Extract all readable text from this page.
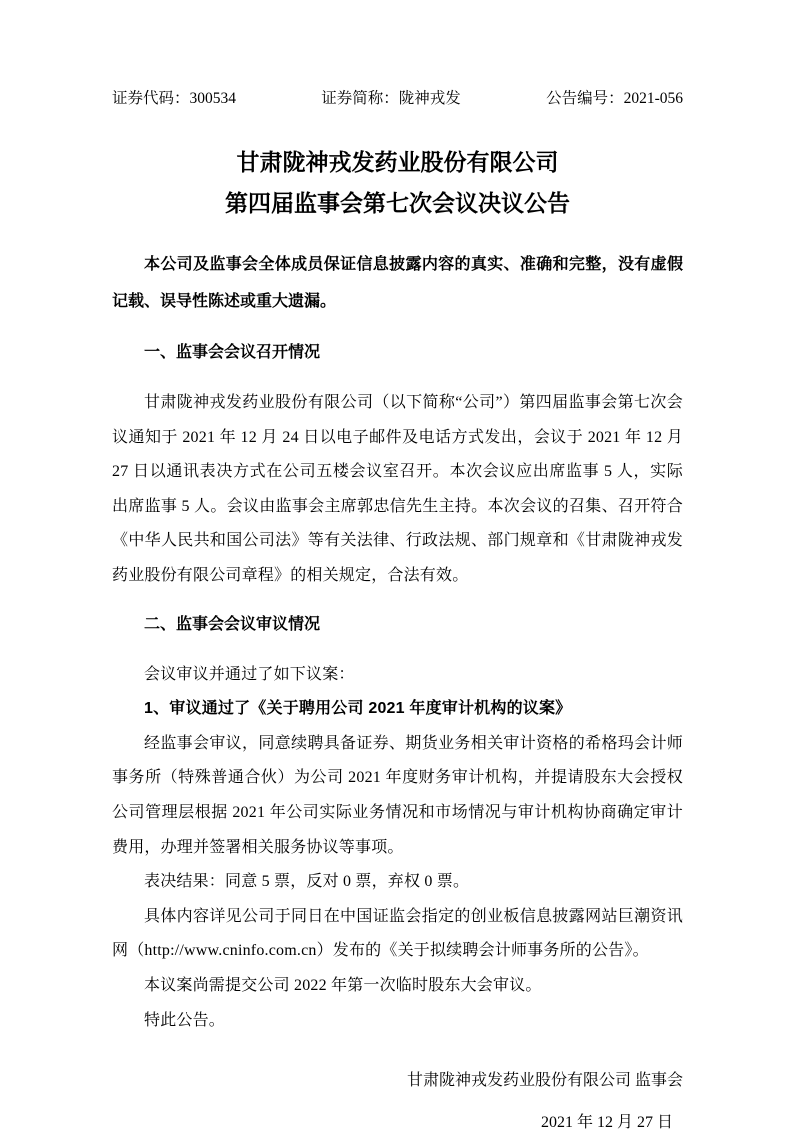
证券代码：300534	证券简称：陇神戎发	公告编号：2021-056
甘肃陇神戎发药业股份有限公司
第四届监事会第七次会议决议公告

本公司及监事会全体成员保证信息披露内容的真实、准确和完整，没有虚假记载、误导性陈述或重大遗漏。

一、监事会会议召开情况

甘肃陇神戎发药业股份有限公司（以下简称“公司”）第四届监事会第七次会议通知于 2021 年 12 月 24 日以电子邮件及电话方式发出，会议于 2021 年 12 月 27 日以通讯表决方式在公司五楼会议室召开。本次会议应出席监事 5 人，实际出席监事 5 人。会议由监事会主席郭忠信先生主持。本次会议的召集、召开符合《中华人民共和国公司法》等有关法律、行政法规、部门规章和《甘肃陇神戎发药业股份有限公司章程》的相关规定，合法有效。

二、监事会会议审议情况

会议审议并通过了如下议案：

1、审议通过了《关于聘用公司 2021 年度审计机构的议案》

经监事会审议，同意续聘具备证券、期货业务相关审计资格的希格玛会计师事务所（特殊普通合伙）为公司 2021 年度财务审计机构，并提请股东大会授权公司管理层根据 2021 年公司实际业务情况和市场情况与审计机构协商确定审计费用，办理并签署相关服务协议等事项。

表决结果：同意 5 票，反对 0 票，弃权 0 票。

具体内容详见公司于同日在中国证监会指定的创业板信息披露网站巨潮资讯网（http://www.cninfo.com.cn）发布的《关于拟续聘会计师事务所的公告》。

本议案尚需提交公司 2022 年第一次临时股东大会审议。

特此公告。

甘肃陇神戎发药业股份有限公司 监事会
2021 年 12 月 27 日
